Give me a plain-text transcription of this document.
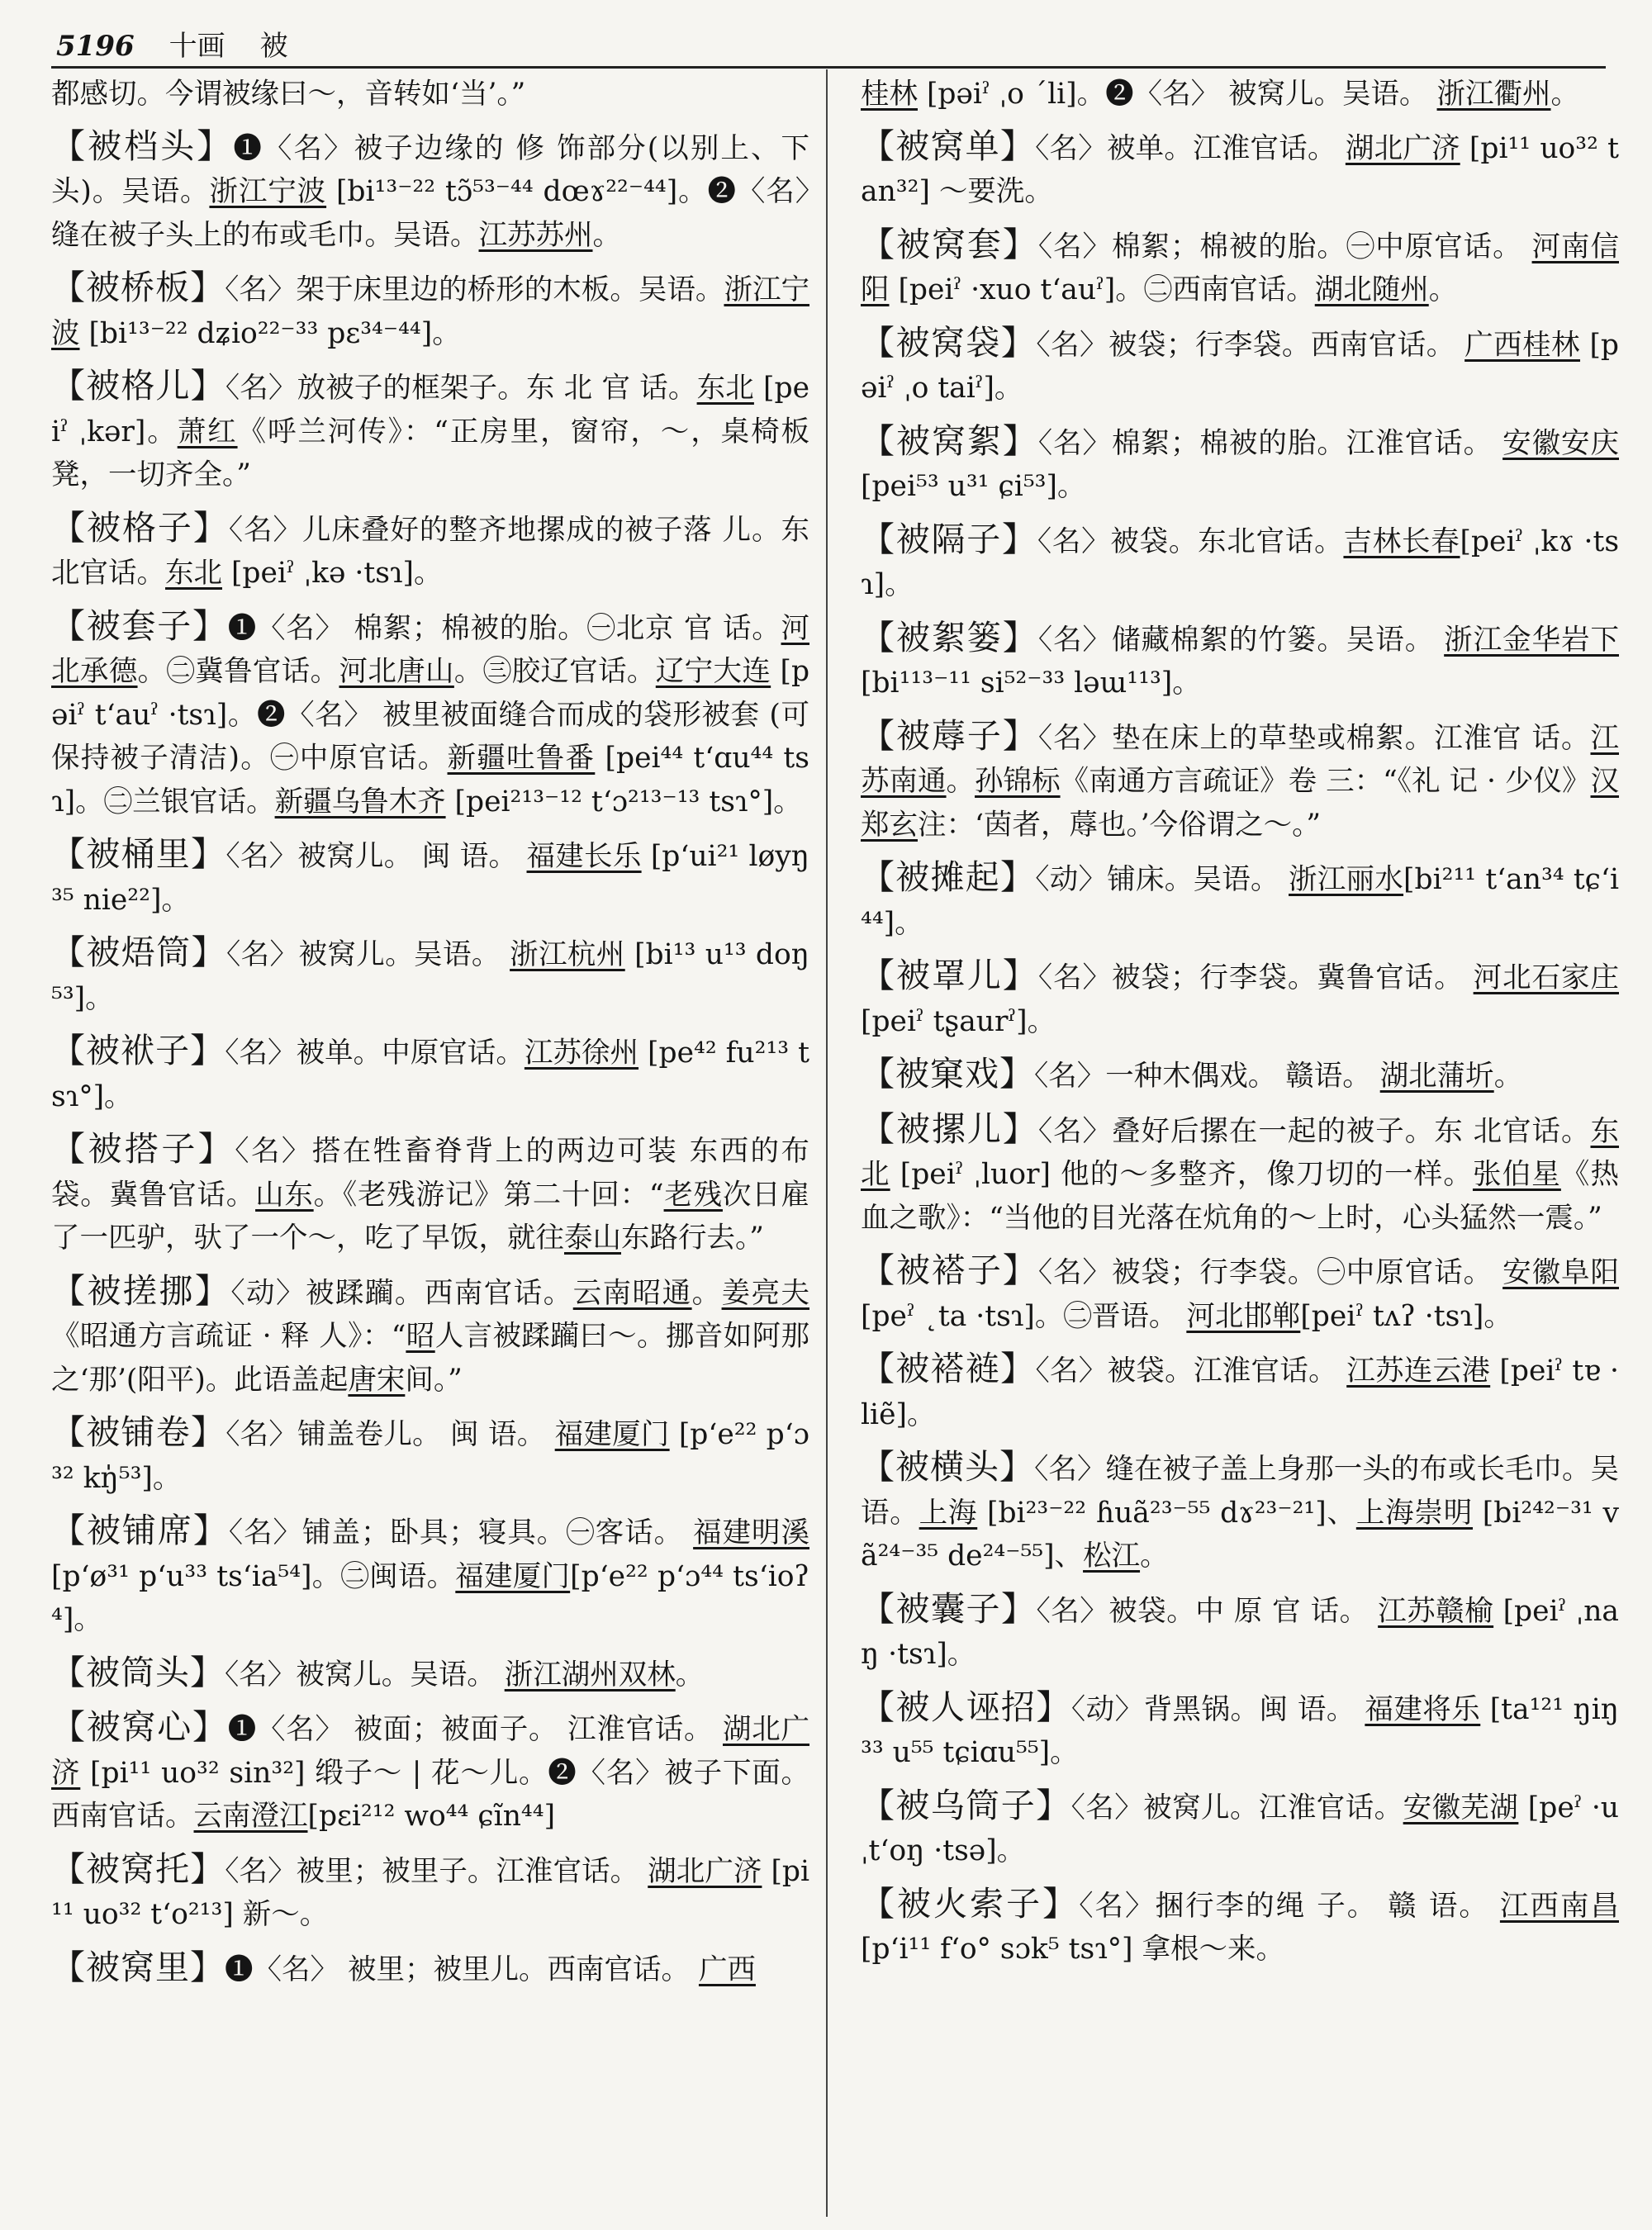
5196 十画 被
都感切。今谓被缘曰～，音转如‘当’。”
【被档头】❶〈名〉被子边缘的 修 饰部分(以别上、下头)。吴语。浙江宁波 [bi¹³⁻²² tɔ̃⁵³⁻⁴⁴ dœɤ²²⁻⁴⁴]。❷〈名〉缝在被子头上的布或毛巾。吴语。江苏苏州。
【被桥板】〈名〉架于床里边的桥形的木板。吴语。浙江宁波 [bi¹³⁻²² dʑio²²⁻³³ pɛ³⁴⁻⁴⁴]。
【被格儿】〈名〉放被子的框架子。东 北 官 话。东北 [peiˀ ˌkər]。萧红《呼兰河传》：“正房里，窗帘，～，桌椅板凳，一切齐全。”
【被格子】〈名〉儿床叠好的整齐地摞成的被子落 儿。东北官话。东北 [peiˀ ˌkə ·tsɿ]。
【被套子】❶〈名〉 棉絮；棉被的胎。㊀北京 官 话。河北承德。㊁冀鲁官话。河北唐山。㊂胶辽官话。辽宁大连 [pəiˀ t‘auˀ ·tsɿ]。❷〈名〉 被里被面缝合而成的袋形被套 (可保持被子清洁)。㊀中原官话。新疆吐鲁番 [pei⁴⁴ t‘ɑu⁴⁴ tsɿ]。㊁兰银官话。新疆乌鲁木齐 [pei²¹³⁻¹² t‘ɔ²¹³⁻¹³ tsɿ°]。
【被桶里】〈名〉被窝儿。 闽 语。 福建长乐 [p‘ui²¹ løyŋ³⁵ nie²²]。
【被焐筒】〈名〉被窝儿。吴语。 浙江杭州 [bi¹³ u¹³ doŋ⁵³]。
【被袱子】〈名〉被单。中原官话。江苏徐州 [pe⁴² fu²¹³ tsɿ°]。
【被搭子】〈名〉搭在牲畜脊背上的两边可装 东西的布袋。冀鲁官话。山东。《老残游记》第二十回：“老残次日雇了一匹驴，驮了一个～，吃了早饭，就往泰山东路行去。”
【被搓挪】〈动〉被蹂躏。西南官话。云南昭通。姜亮夫《昭通方言疏证 · 释 人》：“昭人言被蹂躏曰～。挪音如阿那之‘那’(阳平)。此语盖起唐宋间。”
【被铺卷】〈名〉铺盖卷儿。 闽 语。 福建厦门 [p‘e²² p‘ɔ³² kŋ̍⁵³]。
【被铺席】〈名〉铺盖；卧具；寝具。㊀客话。 福建明溪 [p‘ø³¹ p‘u³³ ts‘ia⁵⁴]。㊁闽语。福建厦门[p‘e²² p‘ɔ⁴⁴ ts‘ioʔ⁴]。
【被筒头】〈名〉被窝儿。吴语。 浙江湖州双林。
【被窝心】❶〈名〉 被面；被面子。 江淮官话。 湖北广济 [pi¹¹ uo³² sin³²] 缎子～ | 花～儿。❷〈名〉被子下面。西南官话。云南澄江[pɛi²¹² wo⁴⁴ ɕĩn⁴⁴]
【被窝托】〈名〉被里；被里子。江淮官话。 湖北广济 [pi¹¹ uo³² t‘o²¹³] 新～。
【被窝里】❶〈名〉 被里；被里儿。西南官话。 广西
桂林 [pəiˀ ˌo ˊli]。❷〈名〉 被窝儿。吴语。 浙江衢州。
【被窝单】〈名〉被单。江淮官话。 湖北广济 [pi¹¹ uo³² tan³²] ～要洗。
【被窝套】〈名〉棉絮；棉被的胎。㊀中原官话。 河南信阳 [peiˀ ·xuo t‘auˀ]。㊁西南官话。湖北随州。
【被窝袋】〈名〉被袋；行李袋。西南官话。 广西桂林 [pəiˀ ˌo taiˀ]。
【被窝絮】〈名〉棉絮；棉被的胎。江淮官话。 安徽安庆 [pei⁵³ u³¹ ɕi⁵³]。
【被隔子】〈名〉被袋。东北官话。吉林长春[peiˀ ˌkɤ ·tsɿ]。
【被絮篓】〈名〉储藏棉絮的竹篓。吴语。 浙江金华岩下 [bi¹¹³⁻¹¹ si⁵²⁻³³ ləɯ¹¹³]。
【被蓐子】〈名〉垫在床上的草垫或棉絮。江淮官 话。江苏南通。孙锦标《南通方言疏证》卷 三：“《礼 记 · 少仪》汉郑玄注：‘茵者，蓐也。’今俗谓之～。”
【被摊起】〈动〉铺床。吴语。 浙江丽水[bi²¹¹ t‘an³⁴ tɕ‘i⁴⁴]。
【被罩儿】〈名〉被袋；行李袋。冀鲁官话。 河北石家庄 [peiˀ tʂaurˀ]。
【被窠戏】〈名〉一种木偶戏。 赣语。 湖北蒲圻。
【被摞儿】〈名〉叠好后摞在一起的被子。东 北官话。东北 [peiˀ ˌluor] 他的～多整齐，像刀切的一样。张伯星《热血之歌》：“当他的目光落在炕角的～上时，心头猛然一震。”
【被褡子】〈名〉被袋；行李袋。㊀中原官话。 安徽阜阳 [peˀ ˛ta ·tsɿ]。㊁晋语。 河北邯郸[peiˀ tʌʔ ·tsɿ]。
【被褡裢】〈名〉被袋。江淮官话。 江苏连云港 [peiˀ tɐ ·liẽ]。
【被横头】〈名〉缝在被子盖上身那一头的布或长毛巾。吴语。上海 [bi²³⁻²² ɦuã²³⁻⁵⁵ dɤ²³⁻²¹]、上海崇明 [bi²⁴²⁻³¹ vã²⁴⁻³⁵ de²⁴⁻⁵⁵]、松江。
【被囊子】〈名〉被袋。中 原 官 话。 江苏赣榆 [peiˀ ˌnaŋ ·tsɿ]。
【被人诬招】〈动〉背黑锅。闽 语。 福建将乐 [ta¹²¹ ŋiŋ³³ u⁵⁵ tɕiɑu⁵⁵]。
【被乌筒子】〈名〉被窝儿。江淮官话。安徽芜湖 [peˀ ·u ˌt‘oŋ ·tsə]。
【被火索子】〈名〉捆行李的绳 子。 赣 语。 江西南昌 [p‘i¹¹ f‘o° sɔk⁵ tsɿ°] 拿根～来。
